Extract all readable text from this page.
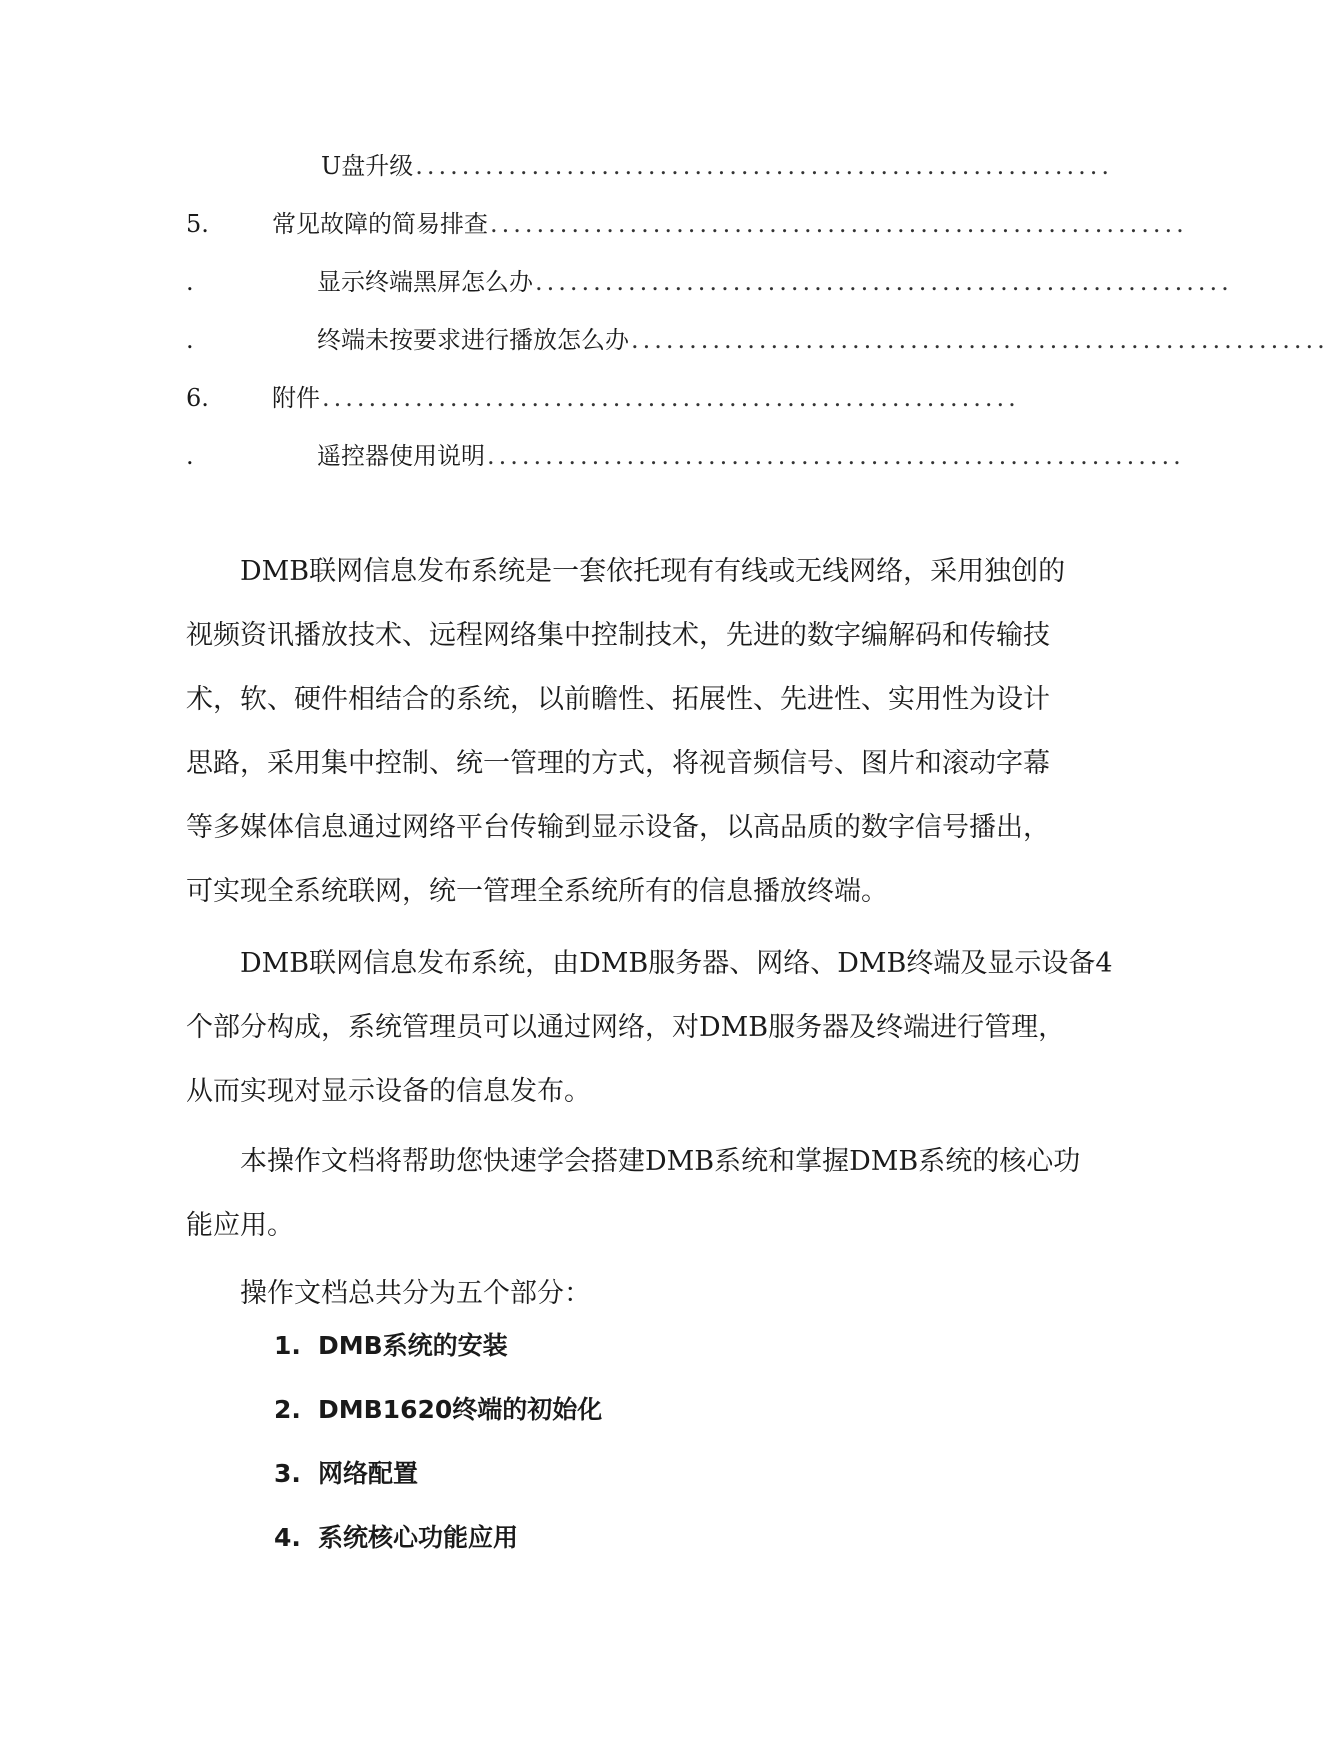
U盘升级 ............................................................
5.	常见故障的简易排查 ............................................................
.	显示终端黑屏怎么办 ............................................................
.	终端未按要求进行播放怎么办 ............................................................
6.	附件 ............................................................
.	遥控器使用说明 ............................................................

DMB联网信息发布系统是一套依托现有有线或无线网络，采用独创的
视频资讯播放技术、远程网络集中控制技术，先进的数字编解码和传输技
术，软、硬件相结合的系统，以前瞻性、拓展性、先进性、实用性为设计
思路，采用集中控制、统一管理的方式，将视音频信号、图片和滚动字幕
等多媒体信息通过网络平台传输到显示设备，以高品质的数字信号播出，
可实现全系统联网，统一管理全系统所有的信息播放终端。

DMB联网信息发布系统，由DMB服务器、网络、DMB终端及显示设备4
个部分构成，系统管理员可以通过网络，对DMB服务器及终端进行管理，
从而实现对显示设备的信息发布。

本操作文档将帮助您快速学会搭建DMB系统和掌握DMB系统的核心功
能应用。

操作文档总共分为五个部分：

1. DMB系统的安装
2. DMB1620终端的初始化
3. 网络配置
4. 系统核心功能应用
